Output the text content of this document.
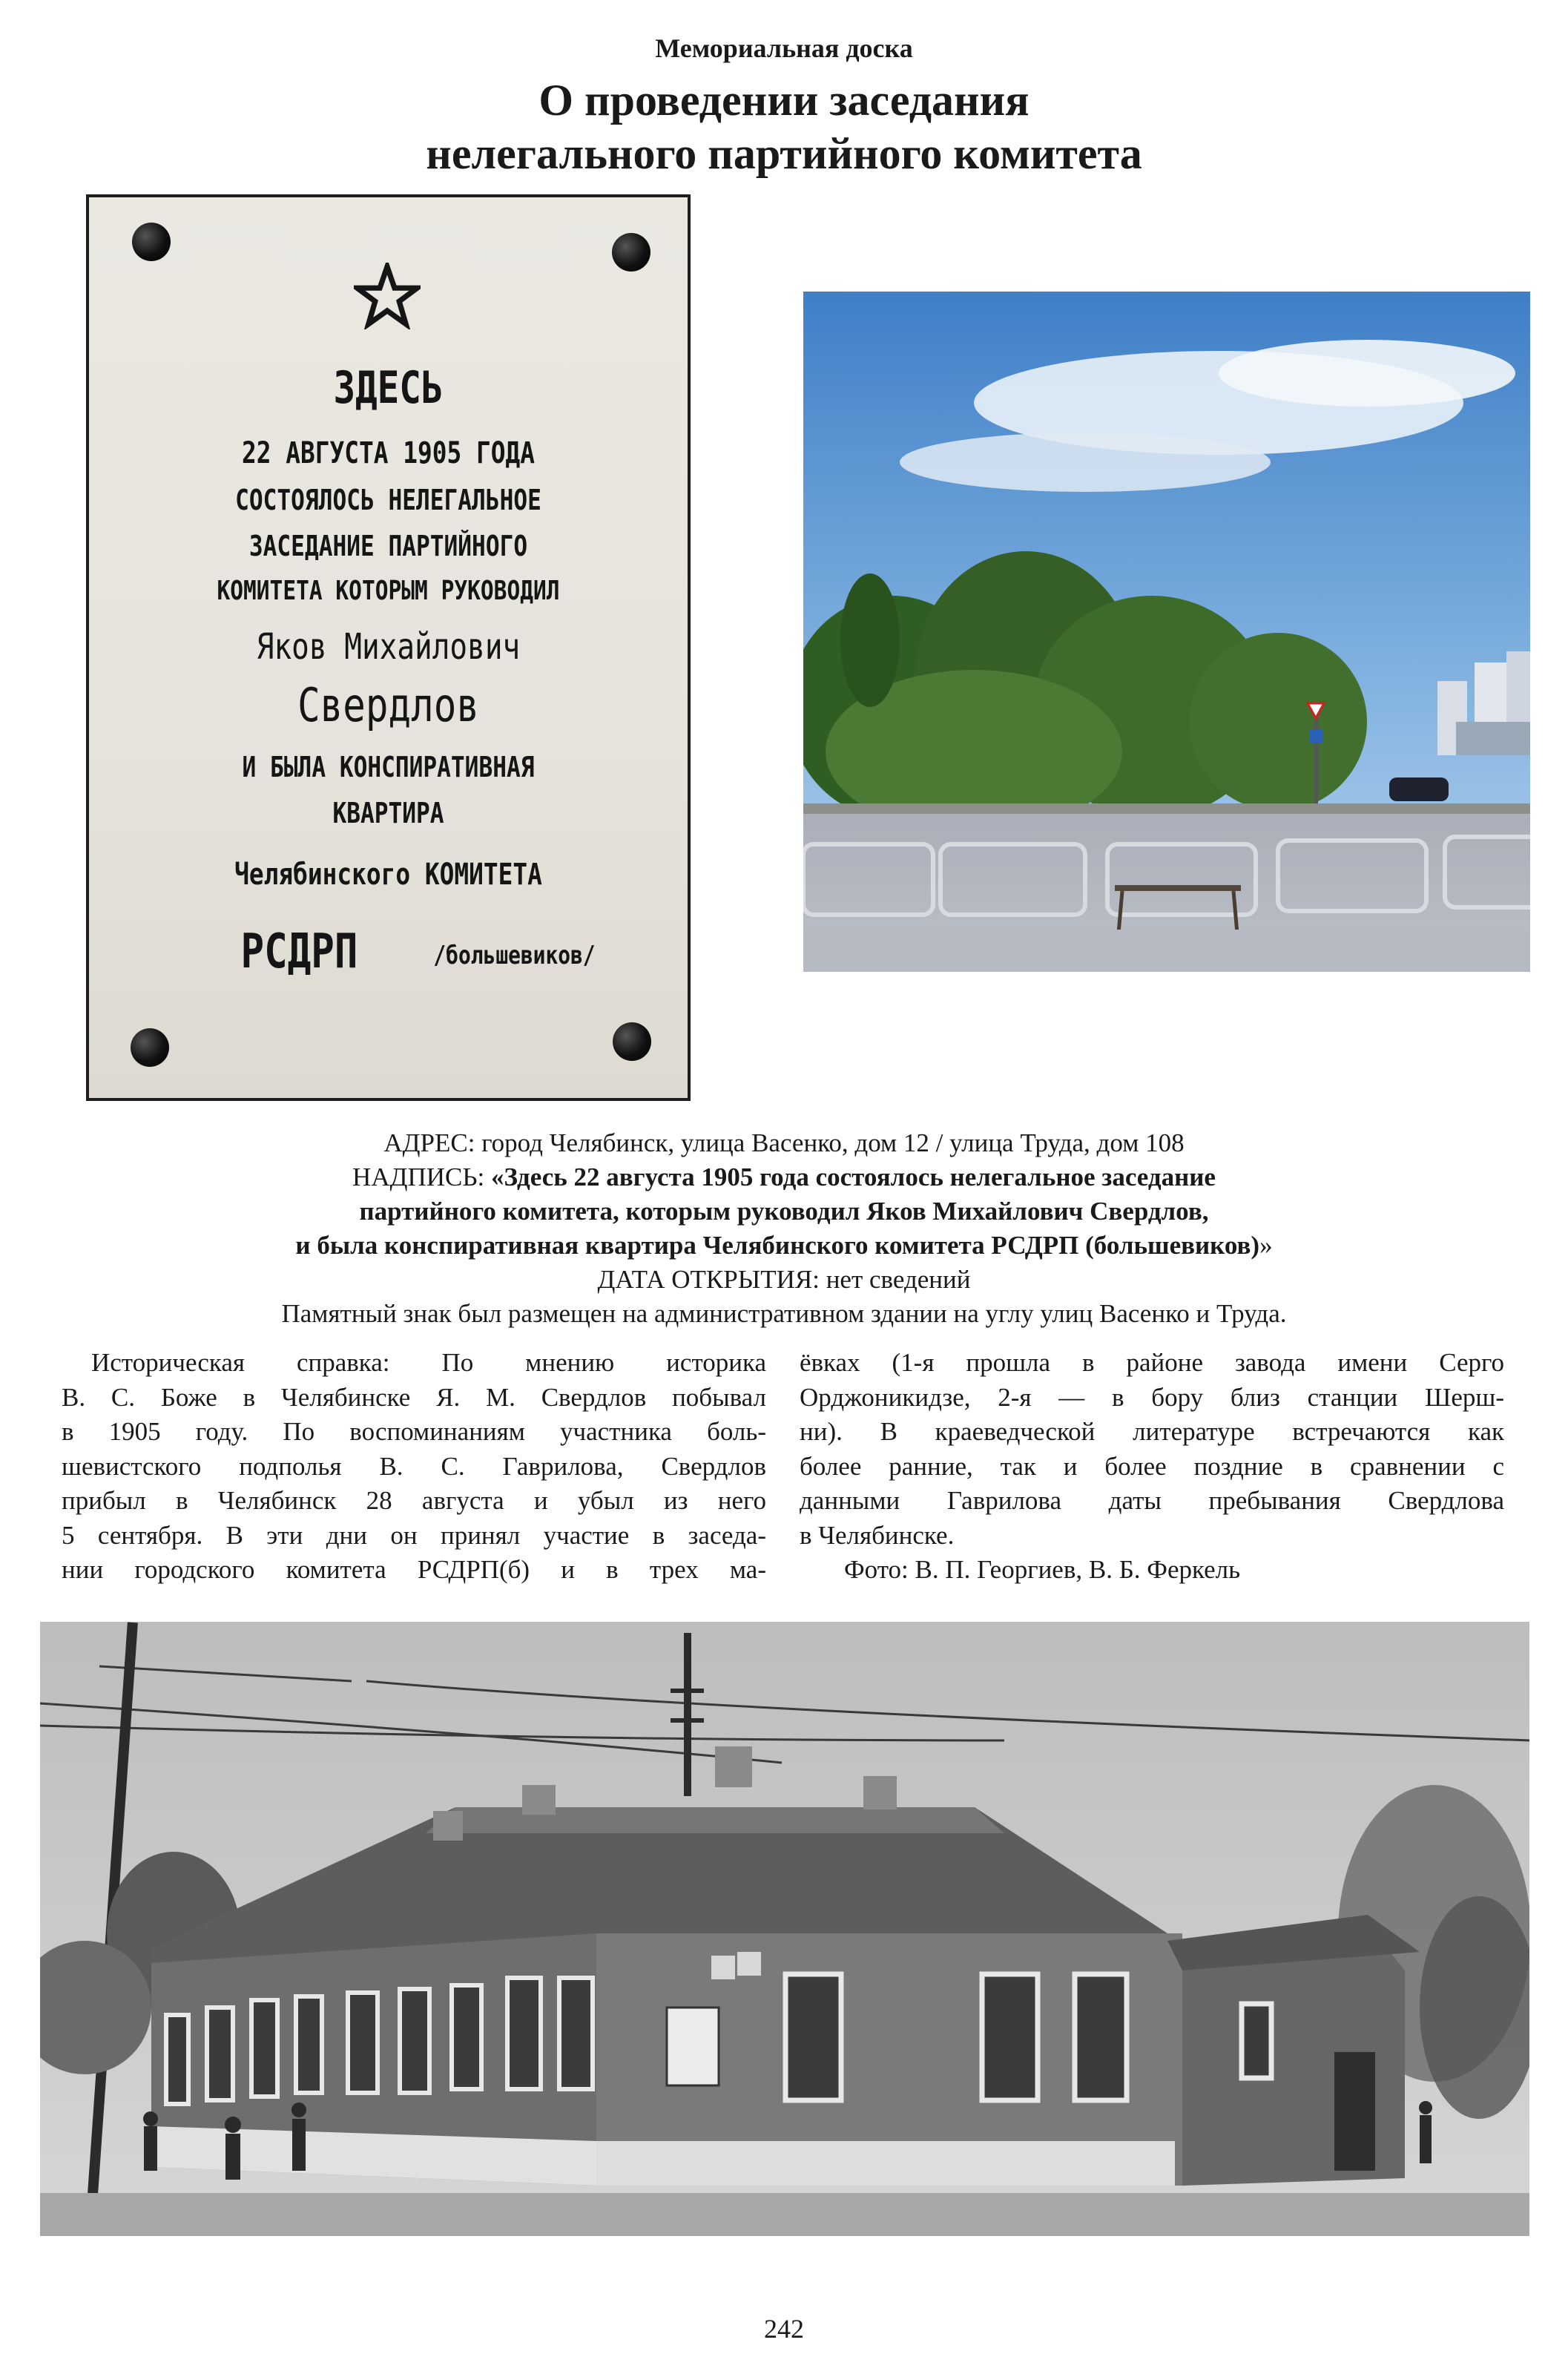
Мемориальная доска
О проведении заседания
нелегального партийного комитета
ЗДЕСЬ
22 АВГУСТА 1905 ГОДА
СОСТОЯЛОСЬ НЕЛЕГАЛЬНОЕ
ЗАСЕДАНИЕ ПАРТИЙНОГО
КОМИТЕТА КОТОРЫМ РУКОВОДИЛ
Яков Михайлович
Свердлов
И БЫЛА КОНСПИРАТИВНАЯ
КВАРТИРА
Челябинского КОМИТЕТА
РСДРП	/большевиков/
АДРЕС: город Челябинск, улица Васенко, дом 12 / улица Труда, дом 108
НАДПИСЬ: «Здесь 22 августа 1905 года состоялось нелегальное заседание
партийного комитета, которым руководил Яков Михайлович Свердлов,
и была конспиративная квартира Челябинского комитета РСДРП (большевиков)»
ДАТА ОТКРЫТИЯ: нет сведений
Памятный знак был размещен на административном здании на углу улиц Васенко и Труда.
Историческая справка: По мнению историка
В. С. Боже в Челябинске Я. М. Свердлов побывал
в 1905 году. По воспоминаниям участника боль-
шевистского подполья В. С. Гаврилова, Свердлов
прибыл в Челябинск 28 августа и убыл из него
5 сентября. В эти дни он принял участие в заседа-
нии городского комитета РСДРП(б) и в трех ма-
ёвках (1-я прошла в районе завода имени Серго
Орджоникидзе, 2-я — в бору близ станции Шерш-
ни). В краеведческой литературе встречаются как
более ранние, так и более поздние в сравнении с
данными Гаврилова даты пребывания Свердлова
в Челябинске.
Фото: В. П. Георгиев, В. Б. Феркель
242
